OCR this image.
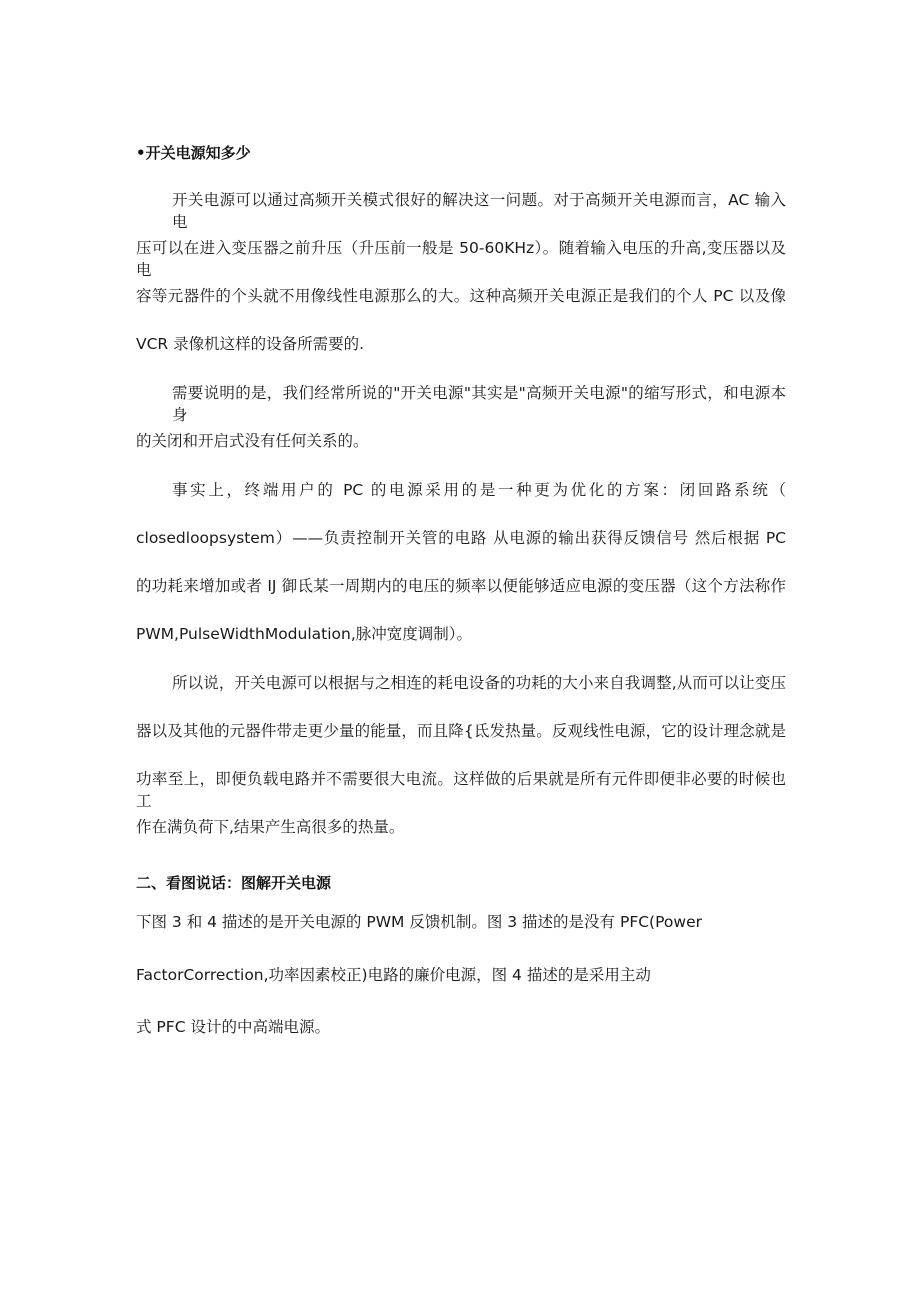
•开关电源知多少
开关电源可以通过高频开关模式很好的解决这一问题。对于高频开关电源而言，AC 输入电
压可以在进入变压器之前升压（升压前一般是 50-60KHz）。随着输入电压的升高,变压器以及电
容等元器件的个头就不用像线性电源那么的大。这种高频开关电源正是我们的个人 PC 以及像
VCR 录像机这样的设备所需要的.
需要说明的是，我们经常所说的"开关电源"其实是"高频开关电源"的缩写形式，和电源本身
的关闭和开启式没有任何关系的。
事实上，终端用户的 PC 的电源采用的是一种更为优化的方案：闭回路系统（
closedloopsystem）——负责控制开关管的电路 从电源的输出获得反馈信号 然后根据 PC
的功耗来增加或者 IJ 御氐某一周期内的电压的频率以便能够适应电源的变压器（这个方法称作
PWM,PulseWidthModulation,脉冲宽度调制）。
所以说，开关电源可以根据与之相连的耗电设备的功耗的大小来自我调整,从而可以让变压
器以及其他的元器件带走更少量的能量，而且降{氐发热量。反观线性电源，它的设计理念就是
功率至上，即便负载电路并不需要很大电流。这样做的后果就是所有元件即便非必要的时候也工
作在满负荷下,结果产生高很多的热量。
二、看图说话：图解开关电源
下图 3 和 4 描述的是开关电源的 PWM 反馈机制。图 3 描述的是没有 PFC(Power
FactorCorrection,功率因素校正)电路的廉价电源，图 4 描述的是采用主动
式 PFC 设计的中高端电源。
